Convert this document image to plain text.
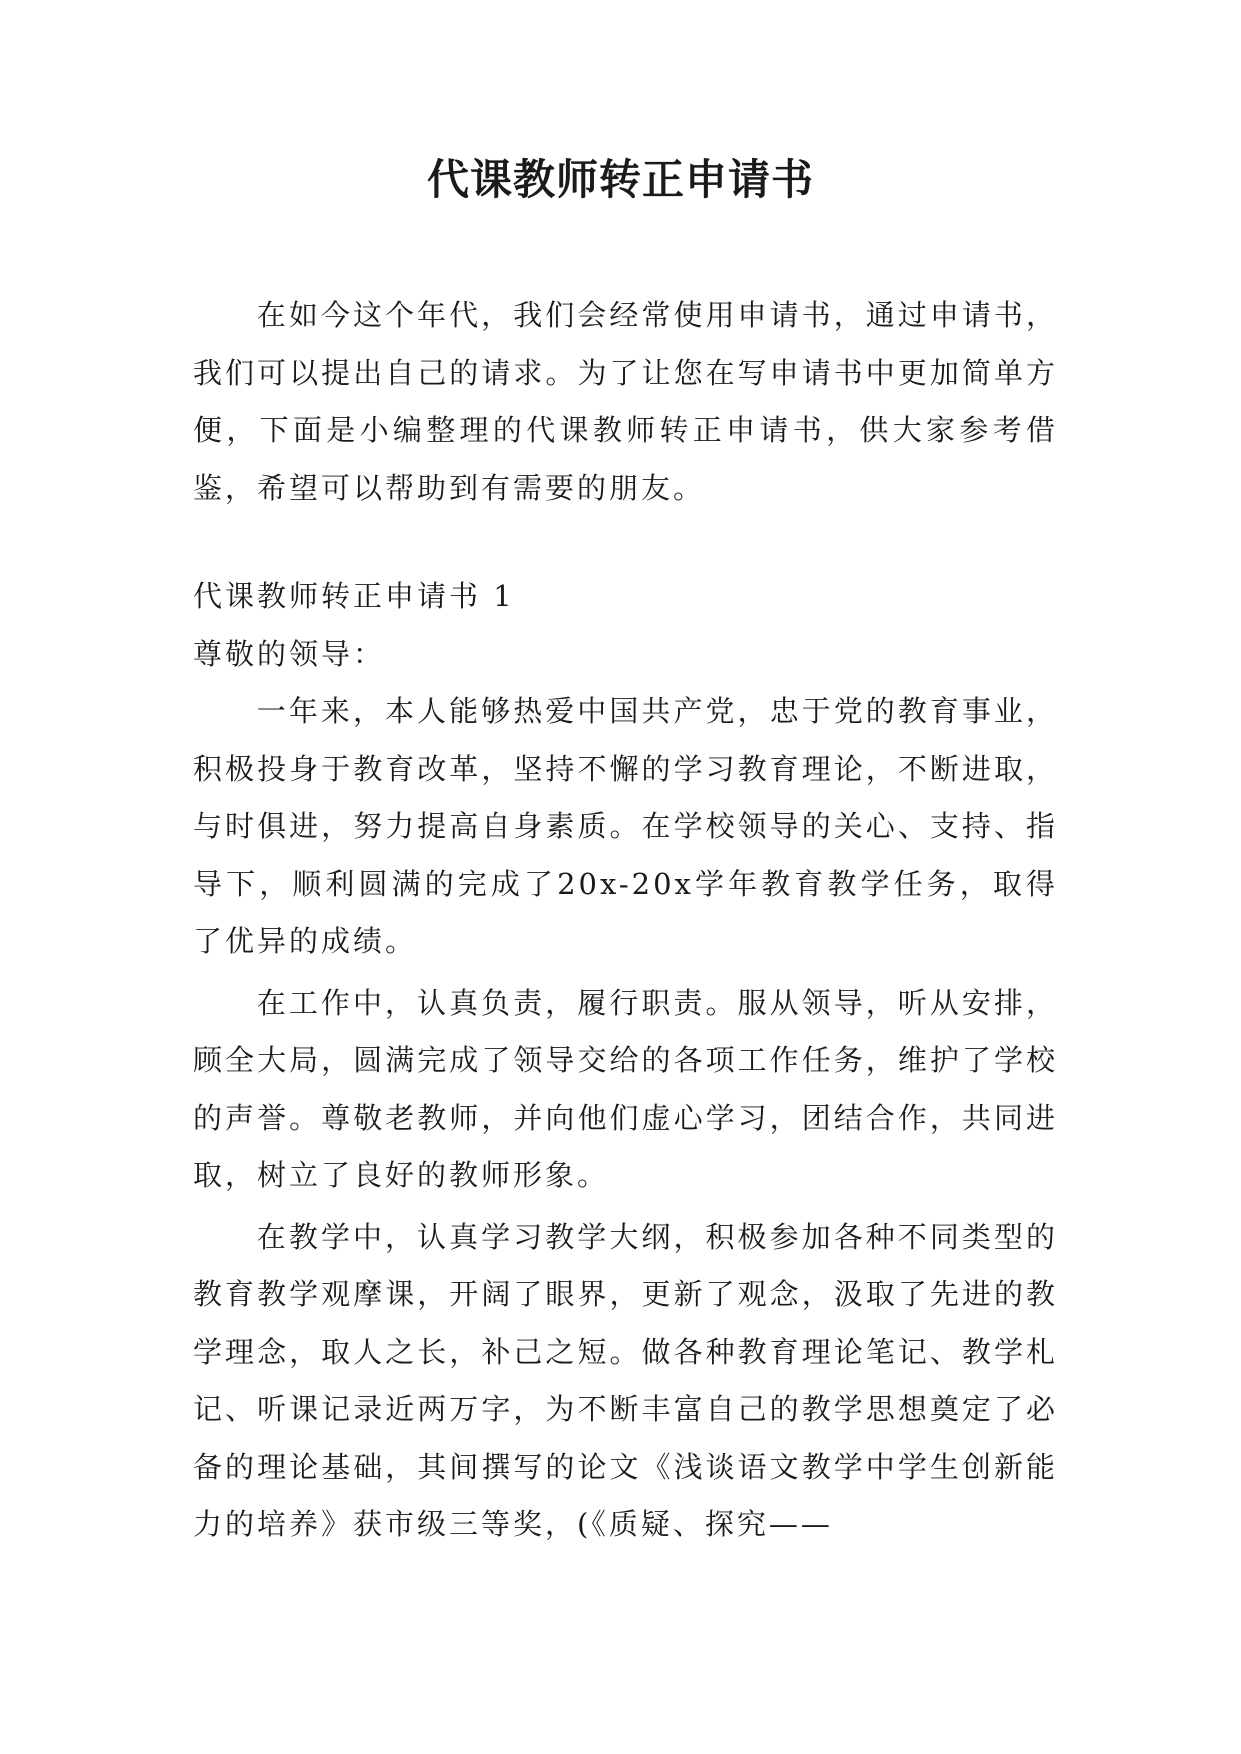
代课教师转正申请书

在如今这个年代，我们会经常使用申请书，通过申请书，我们可以提出自己的请求。为了让您在写申请书中更加简单方便，下面是小编整理的代课教师转正申请书，供大家参考借鉴，希望可以帮助到有需要的朋友。

代课教师转正申请书 1

尊敬的领导：

一年来，本人能够热爱中国共产党，忠于党的教育事业，积极投身于教育改革，坚持不懈的学习教育理论，不断进取，与时俱进，努力提高自身素质。在学校领导的关心、支持、指导下，顺利圆满的完成了20x-20x学年教育教学任务，取得了优异的成绩。

在工作中，认真负责，履行职责。服从领导，听从安排，顾全大局，圆满完成了领导交给的各项工作任务，维护了学校的声誉。尊敬老教师，并向他们虚心学习，团结合作，共同进取，树立了良好的教师形象。

在教学中，认真学习教学大纲，积极参加各种不同类型的教育教学观摩课，开阔了眼界，更新了观念，汲取了先进的教学理念，取人之长，补己之短。做各种教育理论笔记、教学札记、听课记录近两万字，为不断丰富自己的教学思想奠定了必备的理论基础，其间撰写的论文《浅谈语文教学中学生创新能力的培养》获市级三等奖，(《质疑、探究——
